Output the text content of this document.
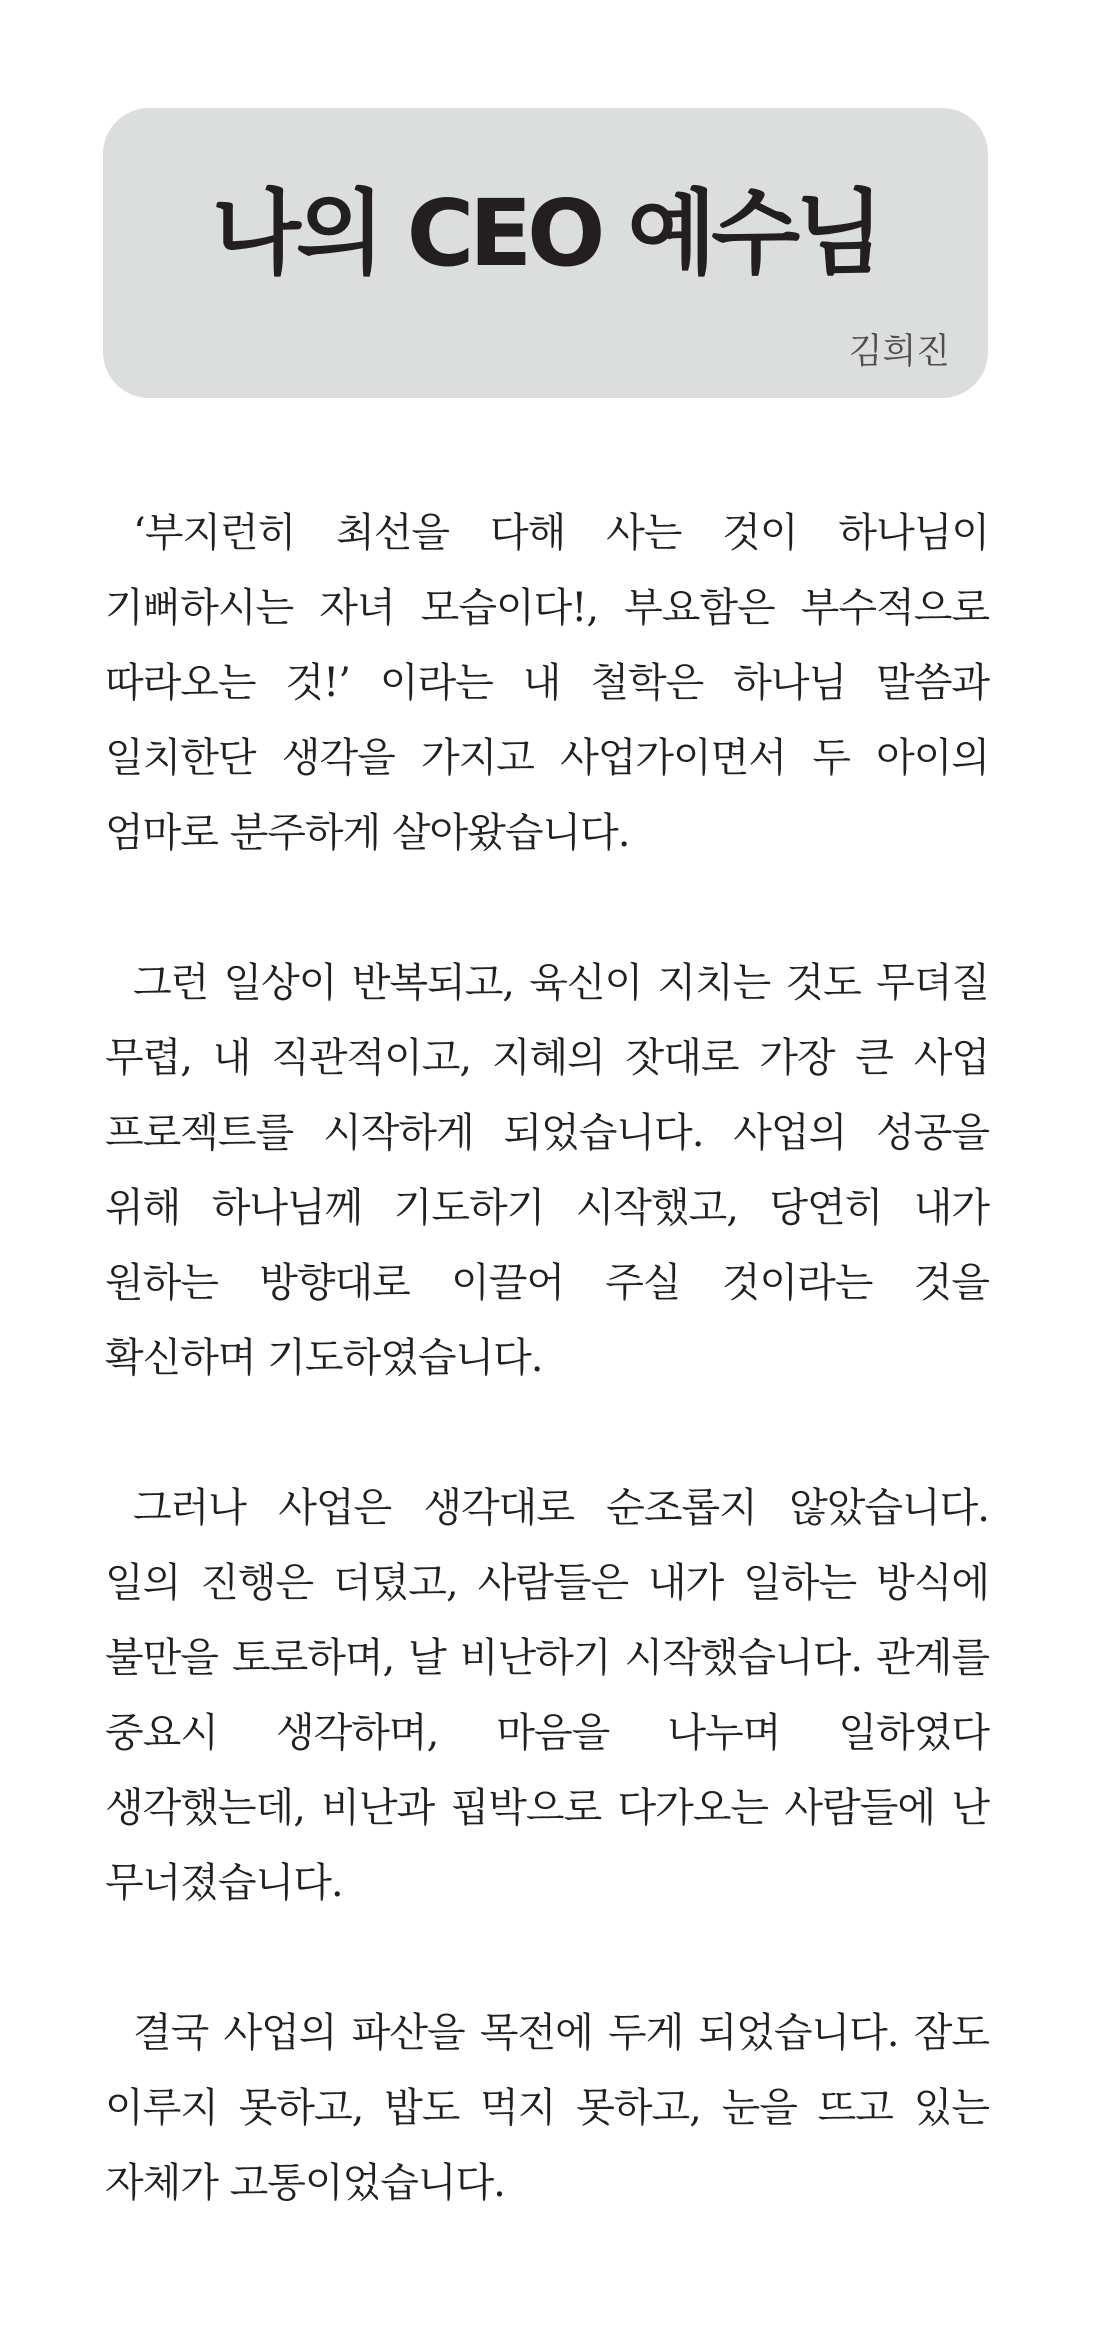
나의 CEO 예수님
김희진

‘부지런히 최선을 다해 사는 것이 하나님이 기뻐하시는 자녀 모습이다!, 부요함은 부수적으로 따라오는 것!’ 이라는 내 철학은 하나님 말씀과 일치한단 생각을 가지고 사업가이면서 두 아이의 엄마로 분주하게 살아왔습니다.

그런 일상이 반복되고, 육신이 지치는 것도 무뎌질 무렵, 내 직관적이고, 지혜의 잣대로 가장 큰 사업 프로젝트를 시작하게 되었습니다. 사업의 성공을 위해 하나님께 기도하기 시작했고, 당연히 내가 원하는 방향대로 이끌어 주실 것이라는 것을 확신하며 기도하였습니다.

그러나 사업은 생각대로 순조롭지 않았습니다. 일의 진행은 더뎠고, 사람들은 내가 일하는 방식에 불만을 토로하며, 날 비난하기 시작했습니다. 관계를 중요시 생각하며, 마음을 나누며 일하였다 생각했는데, 비난과 핍박으로 다가오는 사람들에 난 무너졌습니다.

결국 사업의 파산을 목전에 두게 되었습니다. 잠도 이루지 못하고, 밥도 먹지 못하고, 눈을 뜨고 있는 자체가 고통이었습니다.
